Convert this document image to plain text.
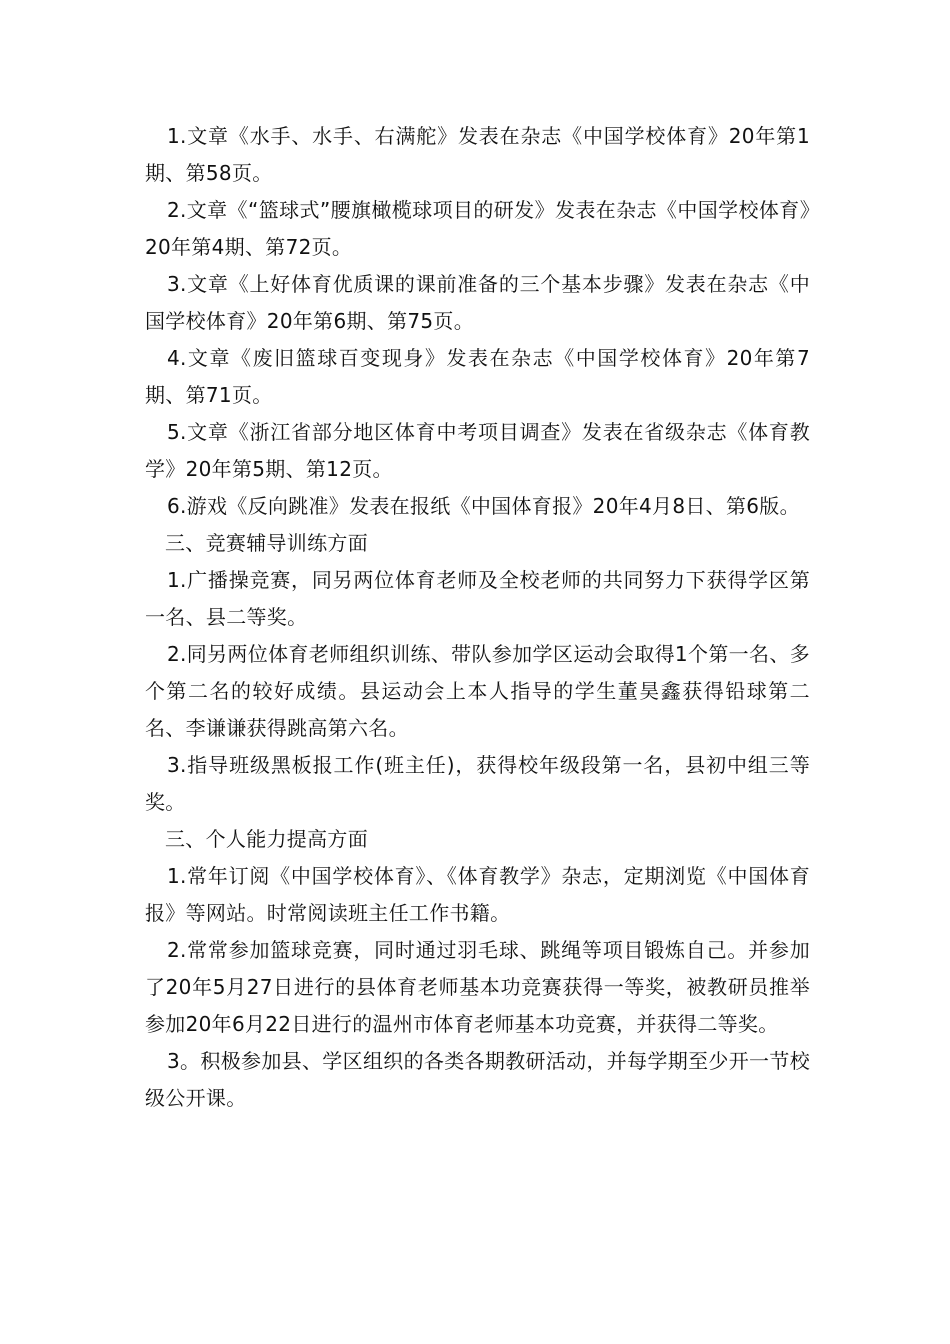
1.文章《水手、水手、右满舵》发表在杂志《中国学校体育》20年第1期、第58页。

2.文章《“篮球式”腰旗橄榄球项目的研发》发表在杂志《中国学校体育》20年第4期、第72页。

3.文章《上好体育优质课的课前准备的三个基本步骤》发表在杂志《中国学校体育》20年第6期、第75页。

4.文章《废旧篮球百变现身》发表在杂志《中国学校体育》20年第7期、第71页。

5.文章《浙江省部分地区体育中考项目调查》发表在省级杂志《体育教学》20年第5期、第12页。

6.游戏《反向跳准》发表在报纸《中国体育报》20年4月8日、第6版。

三、竞赛辅导训练方面

1.广播操竞赛，同另两位体育老师及全校老师的共同努力下获得学区第一名、县二等奖。

2.同另两位体育老师组织训练、带队参加学区运动会取得1个第一名、多个第二名的较好成绩。县运动会上本人指导的学生董昊鑫获得铅球第二名、李谦谦获得跳高第六名。

3.指导班级黑板报工作(班主任)，获得校年级段第一名，县初中组三等奖。

三、个人能力提高方面

1.常年订阅《中国学校体育》、《体育教学》杂志，定期浏览《中国体育报》等网站。时常阅读班主任工作书籍。

2.常常参加篮球竞赛，同时通过羽毛球、跳绳等项目锻炼自己。并参加了20年5月27日进行的县体育老师基本功竞赛获得一等奖，被教研员推举参加20年6月22日进行的温州市体育老师基本功竞赛，并获得二等奖。

3。积极参加县、学区组织的各类各期教研活动，并每学期至少开一节校级公开课。
